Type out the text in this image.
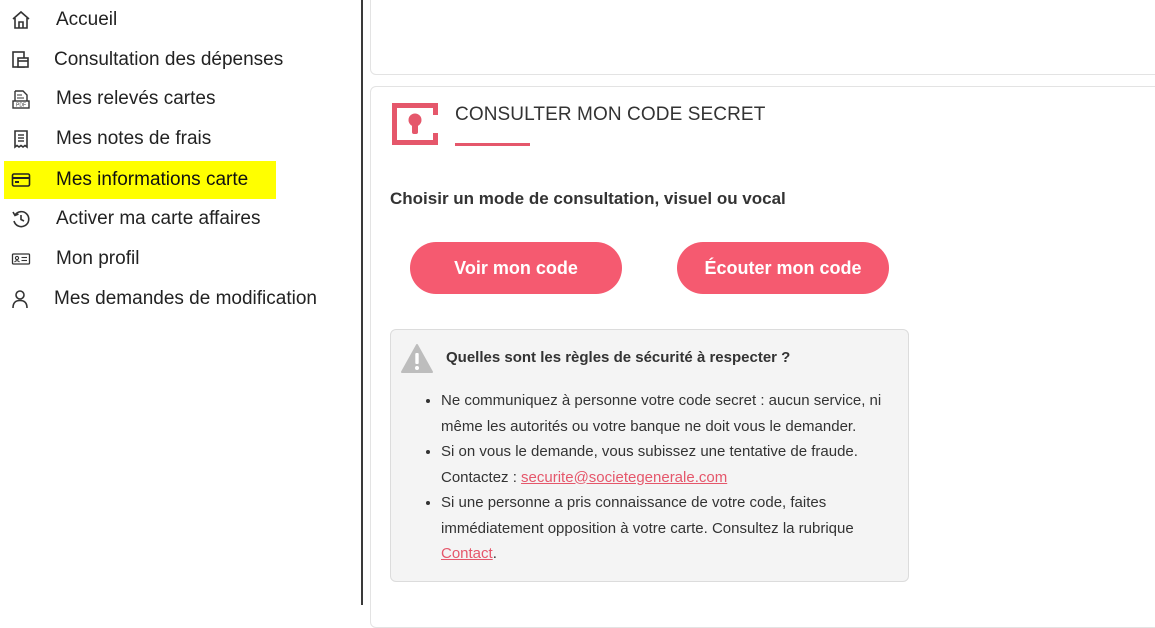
Accueil
Consultation des dépenses
PDF Mes relevés cartes
Mes notes de frais
Mes informations carte
Activer ma carte affaires
Mon profil
Mes demandes de modification
CONSULTER MON CODE SECRET
Choisir un mode de consultation, visuel ou vocal
Voir mon code	Écouter mon code
Quelles sont les règles de sécurité à respecter ?
• Ne communiquez à personne votre code secret : aucun service, ni même les autorités ou votre banque ne doit vous le demander.
• Si on vous le demande, vous subissez une tentative de fraude. Contactez : securite@societegenerale.com
• Si une personne a pris connaissance de votre code, faites immédiatement opposition à votre carte. Consultez la rubrique Contact.
